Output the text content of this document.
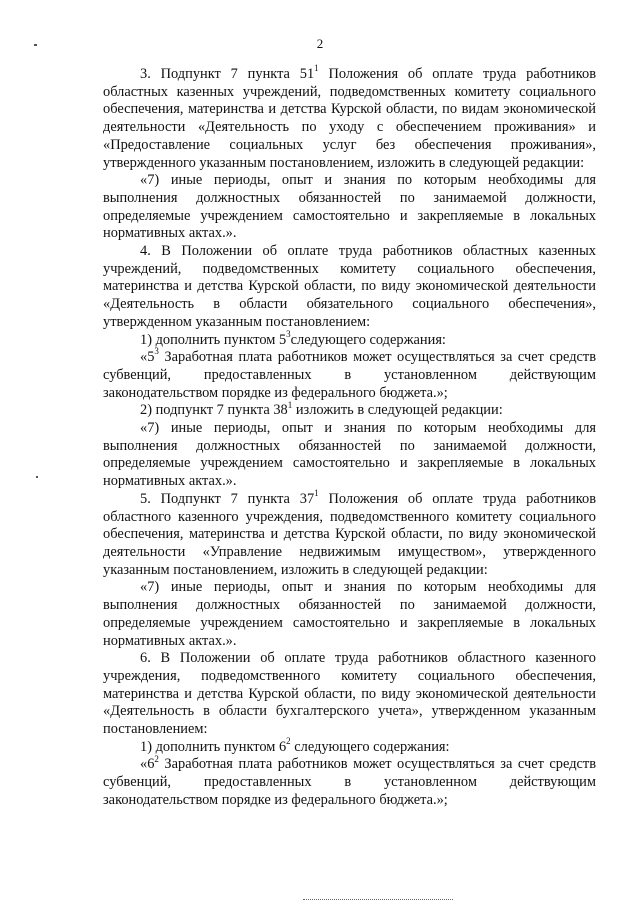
2

3. Подпункт 7 пункта $51^1$ Положения об оплате труда работников областных казенных учреждений, подведомственных комитету социального обеспечения, материнства и детства Курской области, по видам экономической деятельности «Деятельность по уходу с обеспечением проживания» и «Предоставление социальных услуг без обеспечения проживания», утвержденного указанным постановлением, изложить в следующей редакции:

«7) иные периоды, опыт и знания по которым необходимы для выполнения должностных обязанностей по занимаемой должности, определяемые учреждением самостоятельно и закрепляемые в локальных нормативных актах.».

4. В Положении об оплате труда работников областных казенных учреждений, подведомственных комитету социального обеспечения, материнства и детства Курской области, по виду экономической деятельности «Деятельность в области обязательного социального обеспечения», утвержденном указанным постановлением:

1) дополнить пунктом $5^3следующего$ содержания:

«$5^3$ Заработная плата работников может осуществляться за счет средств субвенций, предоставленных в установленном действующим законодательством порядке из федерального бюджета.»;

2) подпункт 7 пункта $38^1$ изложить в следующей редакции:

«7) иные периоды, опыт и знания по которым необходимы для выполнения должностных обязанностей по занимаемой должности, определяемые учреждением самостоятельно и закрепляемые в локальных нормативных актах.».

5. Подпункт 7 пункта $37^1$ Положения об оплате труда работников областного казенного учреждения, подведомственного комитету социального обеспечения, материнства и детства Курской области, по виду экономической деятельности «Управление недвижимым имуществом», утвержденного указанным постановлением, изложить в следующей редакции:

«7) иные периоды, опыт и знания по которым необходимы для выполнения должностных обязанностей по занимаемой должности, определяемые учреждением самостоятельно и закрепляемые в локальных нормативных актах.».

6. В Положении об оплате труда работников областного казенного учреждения, подведомственного комитету социального обеспечения, материнства и детства Курской области, по виду экономической деятельности «Деятельность в области бухгалтерского учета», утвержденном указанным постановлением:

1) дополнить пунктом $6^2$ следующего содержания:

«$6^2$ Заработная плата работников может осуществляться за счет средств субвенций, предоставленных в установленном действующим законодательством порядке из федерального бюджета.»;
